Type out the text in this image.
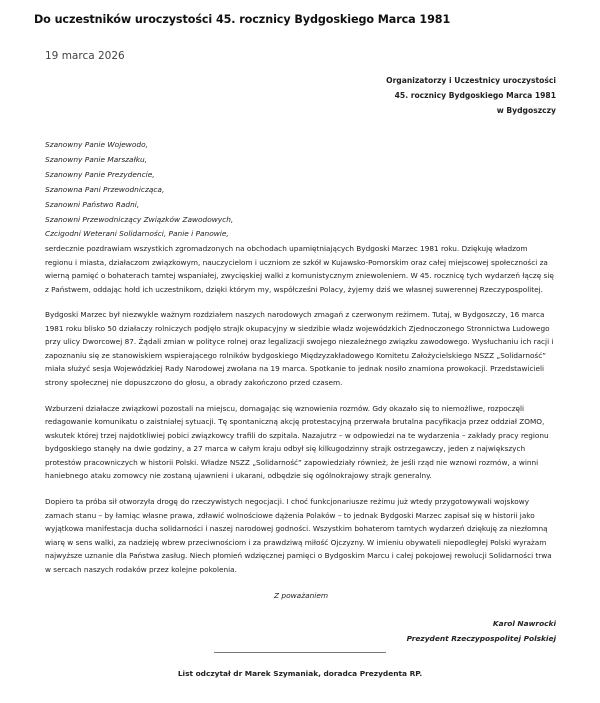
Do uczestników uroczystości 45. rocznicy Bydgoskiego Marca 1981
19 marca 2026
Organizatorzy i Uczestnicy uroczystości
45. rocznicy Bydgoskiego Marca 1981
w Bydgoszczy
Szanowny Panie Wojewodo,
Szanowny Panie Marszałku,
Szanowny Panie Prezydencie,
Szanowna Pani Przewodnicząca,
Szanowni Państwo Radni,
Szanowni Przewodniczący Związków Zawodowych,
Czcigodni Weterani Solidarności, Panie i Panowie,

serdecznie pozdrawiam wszystkich zgromadzonych na obchodach upamiętniających Bydgoski Marzec 1981 roku. Dziękuję władzom regionu i miasta, działaczom związkowym, nauczycielom i uczniom ze szkół w Kujawsko-Pomorskim oraz całej miejscowej społeczności za wierną pamięć o bohaterach tamtej wspaniałej, zwycięskiej walki z komunistycznym zniewoleniem. W 45. rocznicę tych wydarzeń łączę się z Państwem, oddając hołd ich uczestnikom, dzięki którym my, współcześni Polacy, żyjemy dziś we własnej suwerennej Rzeczypospolitej.

Bydgoski Marzec był niezwykle ważnym rozdziałem naszych narodowych zmagań z czerwonym reżimem. Tutaj, w Bydgoszczy, 16 marca 1981 roku blisko 50 działaczy rolniczych podjęło strajk okupacyjny w siedzibie władz wojewódzkich Zjednoczonego Stronnictwa Ludowego przy ulicy Dworcowej 87. Żądali zmian w polityce rolnej oraz legalizacji swojego niezależnego związku zawodowego. Wysłuchaniu ich racji i zapoznaniu się ze stanowiskiem wspierającego rolników bydgoskiego Międzyzakładowego Komitetu Założycielskiego NSZZ „Solidarność” miała służyć sesja Wojewódzkiej Rady Narodowej zwołana na 19 marca. Spotkanie to jednak nosiło znamiona prowokacji. Przedstawicieli strony społecznej nie dopuszczono do głosu, a obrady zakończono przed czasem.

Wzburzeni działacze związkowi pozostali na miejscu, domagając się wznowienia rozmów. Gdy okazało się to niemożliwe, rozpoczęli redagowanie komunikatu o zaistniałej sytuacji. Tę spontaniczną akcję protestacyjną przerwała brutalna pacyfikacja przez oddział ZOMO, wskutek której trzej najdotkliwiej pobici związkowcy trafili do szpitala. Nazajutrz – w odpowiedzi na te wydarzenia – zakłady pracy regionu bydgoskiego stanęły na dwie godziny, a 27 marca w całym kraju odbył się kilkugodzinny strajk ostrzegawczy, jeden z największych protestów pracowniczych w historii Polski. Władze NSZZ „Solidarność” zapowiedziały również, że jeśli rząd nie wznowi rozmów, a winni haniebnego ataku zomowcy nie zostaną ujawnieni i ukarani, odbędzie się ogólnokrajowy strajk generalny.

Dopiero ta próba sił otworzyła drogę do rzeczywistych negocjacji. I choć funkcjonariusze reżimu już wtedy przygotowywali wojskowy zamach stanu – by łamiąc własne prawa, zdławić wolnościowe dążenia Polaków – to jednak Bydgoski Marzec zapisał się w historii jako wyjątkowa manifestacja ducha solidarności i naszej narodowej godności. Wszystkim bohaterom tamtych wydarzeń dziękuję za niezłomną wiarę w sens walki, za nadzieję wbrew przeciwnościom i za prawdziwą miłość Ojczyzny. W imieniu obywateli niepodległej Polski wyrażam najwyższe uznanie dla Państwa zasług. Niech płomień wdzięcznej pamięci o Bydgoskim Marcu i całej pokojowej rewolucji Solidarności trwa w sercach naszych rodaków przez kolejne pokolenia.

Z poważaniem
Karol Nawrocki
Prezydent Rzeczypospolitej Polskiej
List odczytał dr Marek Szymaniak, doradca Prezydenta RP.
